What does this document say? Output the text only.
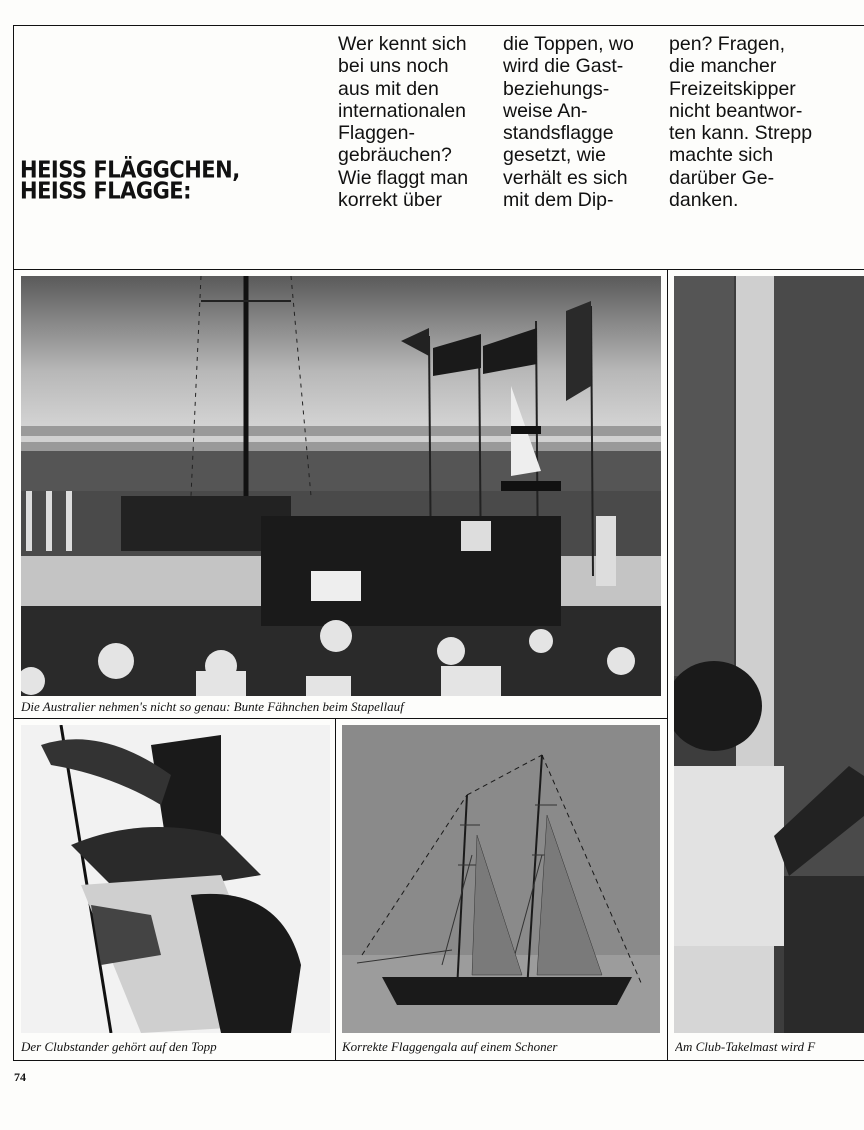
HEISS FLÄGGCHEN,
HEISS FLAGGE:
Wer kennt sich
bei uns noch
aus mit den
internationalen
Flaggen-
gebräuchen?
Wie flaggt man
korrekt über
die Toppen, wo
wird die Gast-
beziehungs-
weise An-
standsflagge
gesetzt, wie
verhält es sich
mit dem Dip-
pen? Fragen,
die mancher
Freizeitskipper
nicht beantwor-
ten kann. Strepp
machte sich
darüber Ge-
danken.
Die Australier nehmen's nicht so genau: Bunte Fähnchen beim Stapellauf
Am Club-Takelmast wird F
Der Clubstander gehört auf den Topp	Korrekte Flaggengala auf einem Schoner
74
